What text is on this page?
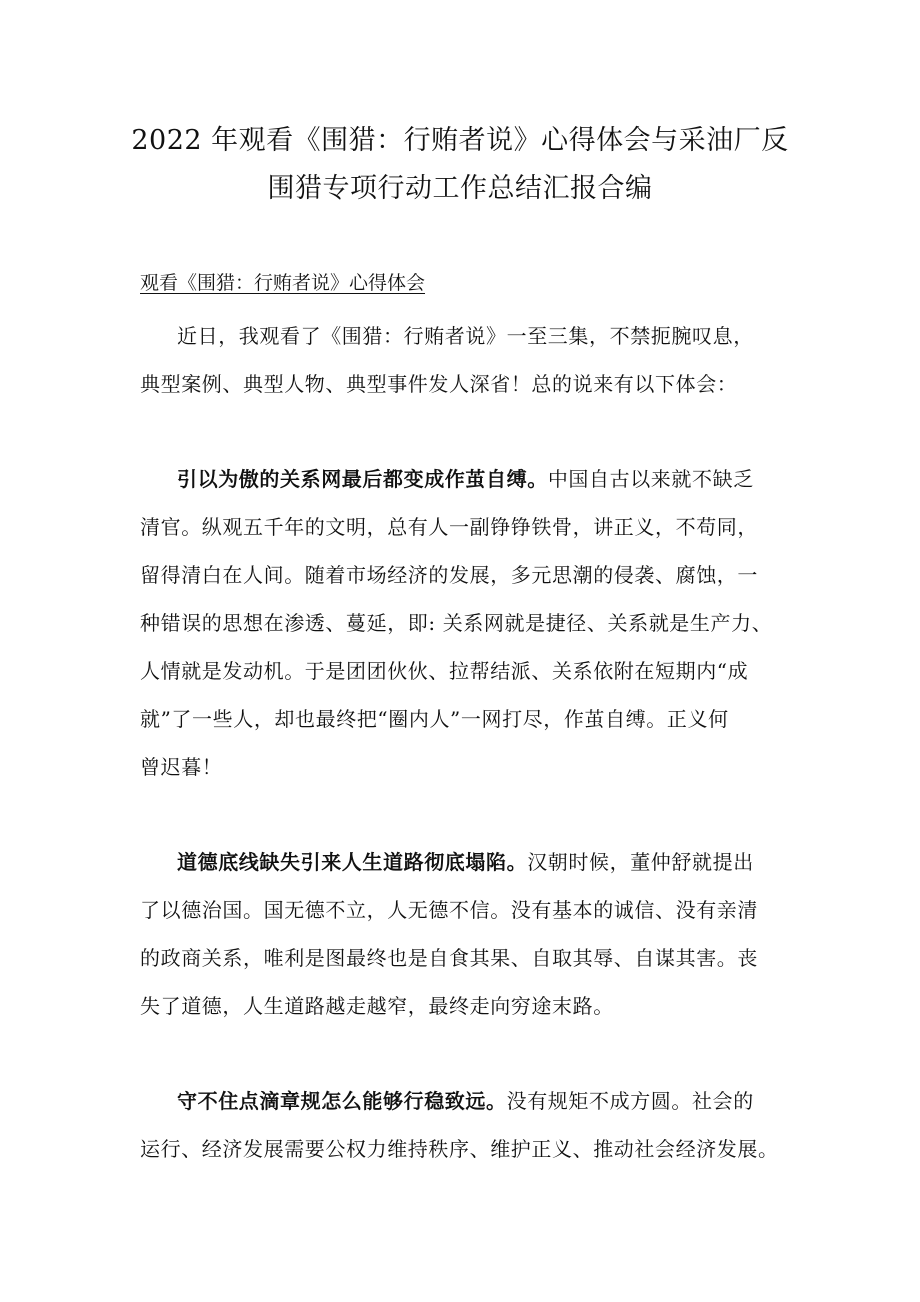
2022 年观看《围猎：行贿者说》心得体会与采油厂反
围猎专项行动工作总结汇报合编
观看《围猎：行贿者说》心得体会
近日，我观看了《围猎：行贿者说》一至三集，不禁扼腕叹息，
典型案例、典型人物、典型事件发人深省！总的说来有以下体会：
引以为傲的关系网最后都变成作茧自缚。中国自古以来就不缺乏
清官。纵观五千年的文明，总有人一副铮铮铁骨，讲正义，不苟同，
留得清白在人间。随着市场经济的发展，多元思潮的侵袭、腐蚀，一
种错误的思想在渗透、蔓延，即: 关系网就是捷径、关系就是生产力、
人情就是发动机。于是团团伙伙、拉帮结派、关系依附在短期内“成
就”了一些人，却也最终把“圈内人”一网打尽，作茧自缚。正义何
曾迟暮！
道德底线缺失引来人生道路彻底塌陷。汉朝时候，董仲舒就提出
了以德治国。国无德不立，人无德不信。没有基本的诚信、没有亲清
的政商关系，唯利是图最终也是自食其果、自取其辱、自谋其害。丧
失了道德，人生道路越走越窄，最终走向穷途末路。
守不住点滴章规怎么能够行稳致远。没有规矩不成方圆。社会的
运行、经济发展需要公权力维持秩序、维护正义、推动社会经济发展。
